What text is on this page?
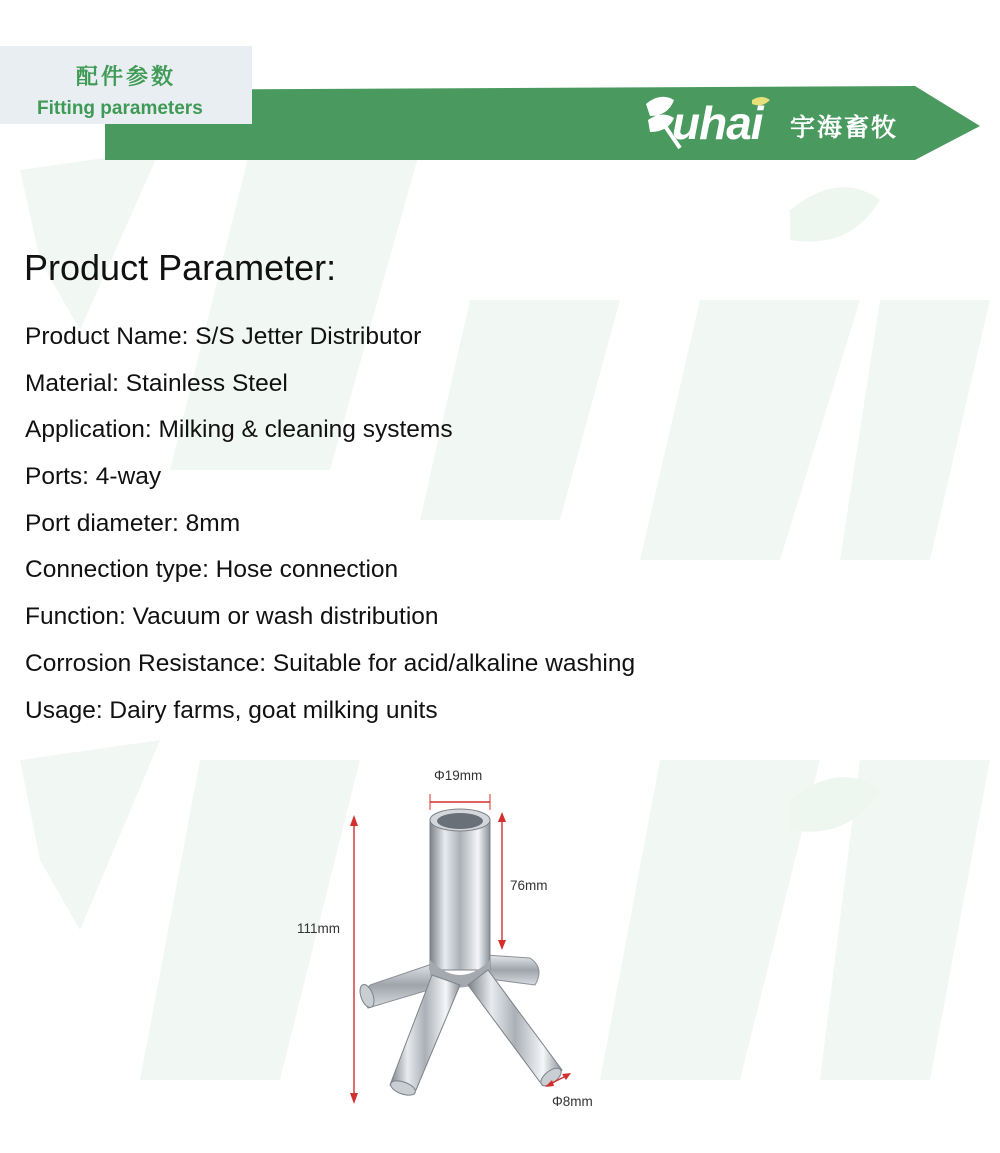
配件参数
Fitting parameters	uhai 宇海畜牧
Product Parameter:
Product Name: S/S Jetter Distributor
Material: Stainless Steel
Application: Milking & cleaning systems
Ports: 4-way
Port diameter: 8mm
Connection type: Hose connection
Function: Vacuum or wash distribution
Corrosion Resistance: Suitable for acid/alkaline washing
Usage: Dairy farms, goat milking units
Φ19mm
76mm
111mm
Φ8mm
